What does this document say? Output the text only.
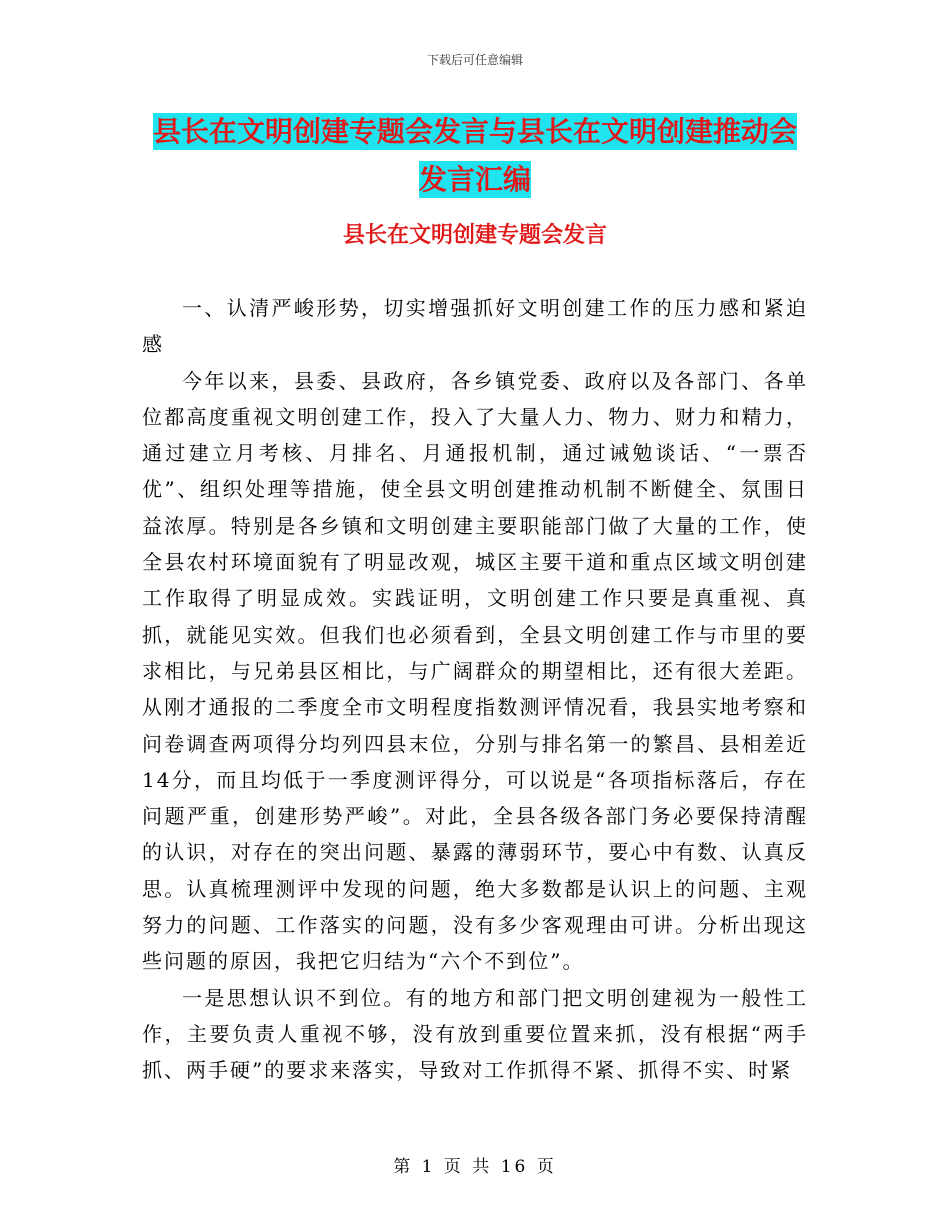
下载后可任意编辑
县长在文明创建专题会发言与县长在文明创建推动会发言汇编
县长在文明创建专题会发言

一、认清严峻形势，切实增强抓好文明创建工作的压力感和紧迫感

今年以来，县委、县政府，各乡镇党委、政府以及各部门、各单位都高度重视文明创建工作，投入了大量人力、物力、财力和精力，通过建立月考核、月排名、月通报机制，通过诫勉谈话、“一票否优”、组织处理等措施，使全县文明创建推动机制不断健全、氛围日益浓厚。特别是各乡镇和文明创建主要职能部门做了大量的工作，使全县农村环境面貌有了明显改观，城区主要干道和重点区域文明创建工作取得了明显成效。实践证明，文明创建工作只要是真重视、真抓，就能见实效。但我们也必须看到，全县文明创建工作与市里的要求相比，与兄弟县区相比，与广阔群众的期望相比，还有很大差距。从刚才通报的二季度全市文明程度指数测评情况看，我县实地考察和问卷调查两项得分均列四县末位，分别与排名第一的繁昌、县相差近14分，而且均低于一季度测评得分，可以说是“各项指标落后，存在问题严重，创建形势严峻”。对此，全县各级各部门务必要保持清醒的认识，对存在的突出问题、暴露的薄弱环节，要心中有数、认真反思。认真梳理测评中发现的问题，绝大多数都是认识上的问题、主观努力的问题、工作落实的问题，没有多少客观理由可讲。分析出现这些问题的原因，我把它归结为“六个不到位”。

一是思想认识不到位。有的地方和部门把文明创建视为一般性工作，主要负责人重视不够，没有放到重要位置来抓，没有根据“两手抓、两手硬”的要求来落实，导致对工作抓得不紧、抓得不实、时紧

第 1 页 共 16 页
